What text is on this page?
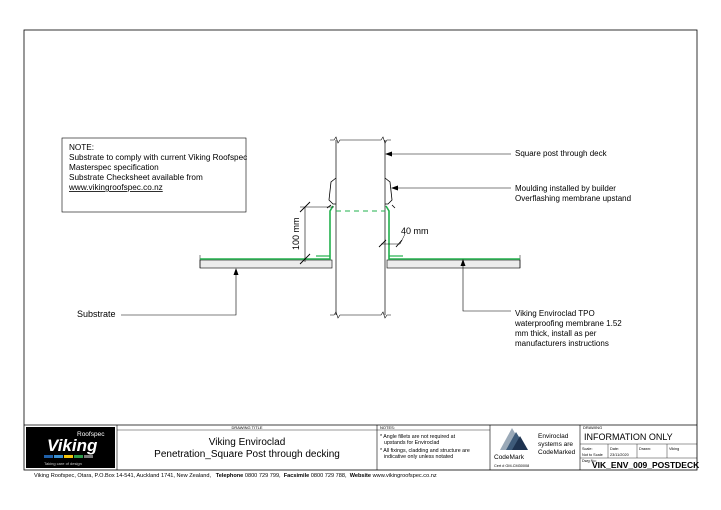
NOTE:
Substrate to comply with current Viking Roofspec
Masterspec specification
Substrate Checksheet available from
www.vikingroofspec.co.nz
100 mm	40 mm
Square post through deck
Moulding installed by builder
Overflashing membrane upstand
Substrate	Viking Enviroclad TPO
waterproofing membrane 1.52
mm thick, install as per
manufacturers instructions
Roofspec
Viking
Taking care of design
DRAWING TITLE
Viking Enviroclad
Penetration_Square Post through decking
NOTES:
* Angle fillets are not required at
upstands for Enviroclad
* All fixings, cladding and structure are
indicative only unless notated	CodeMark
Cert # GM-CM30008
Enviroclad
systems are
CodeMarked
DRAWING
INFORMATION ONLY
Scale:
Not to Scale
Date:
23/11/2020
Drawn:	Viking
Dwg No:
VIK_ENV_009_POSTDECK
Viking Roofspec, Otara, P.O.Box 14-541, Auckland 1741, New Zealand, Telephone 0800 729 799, Facsimile 0800 729 788, Website www.vikingroofspec.co.nz
